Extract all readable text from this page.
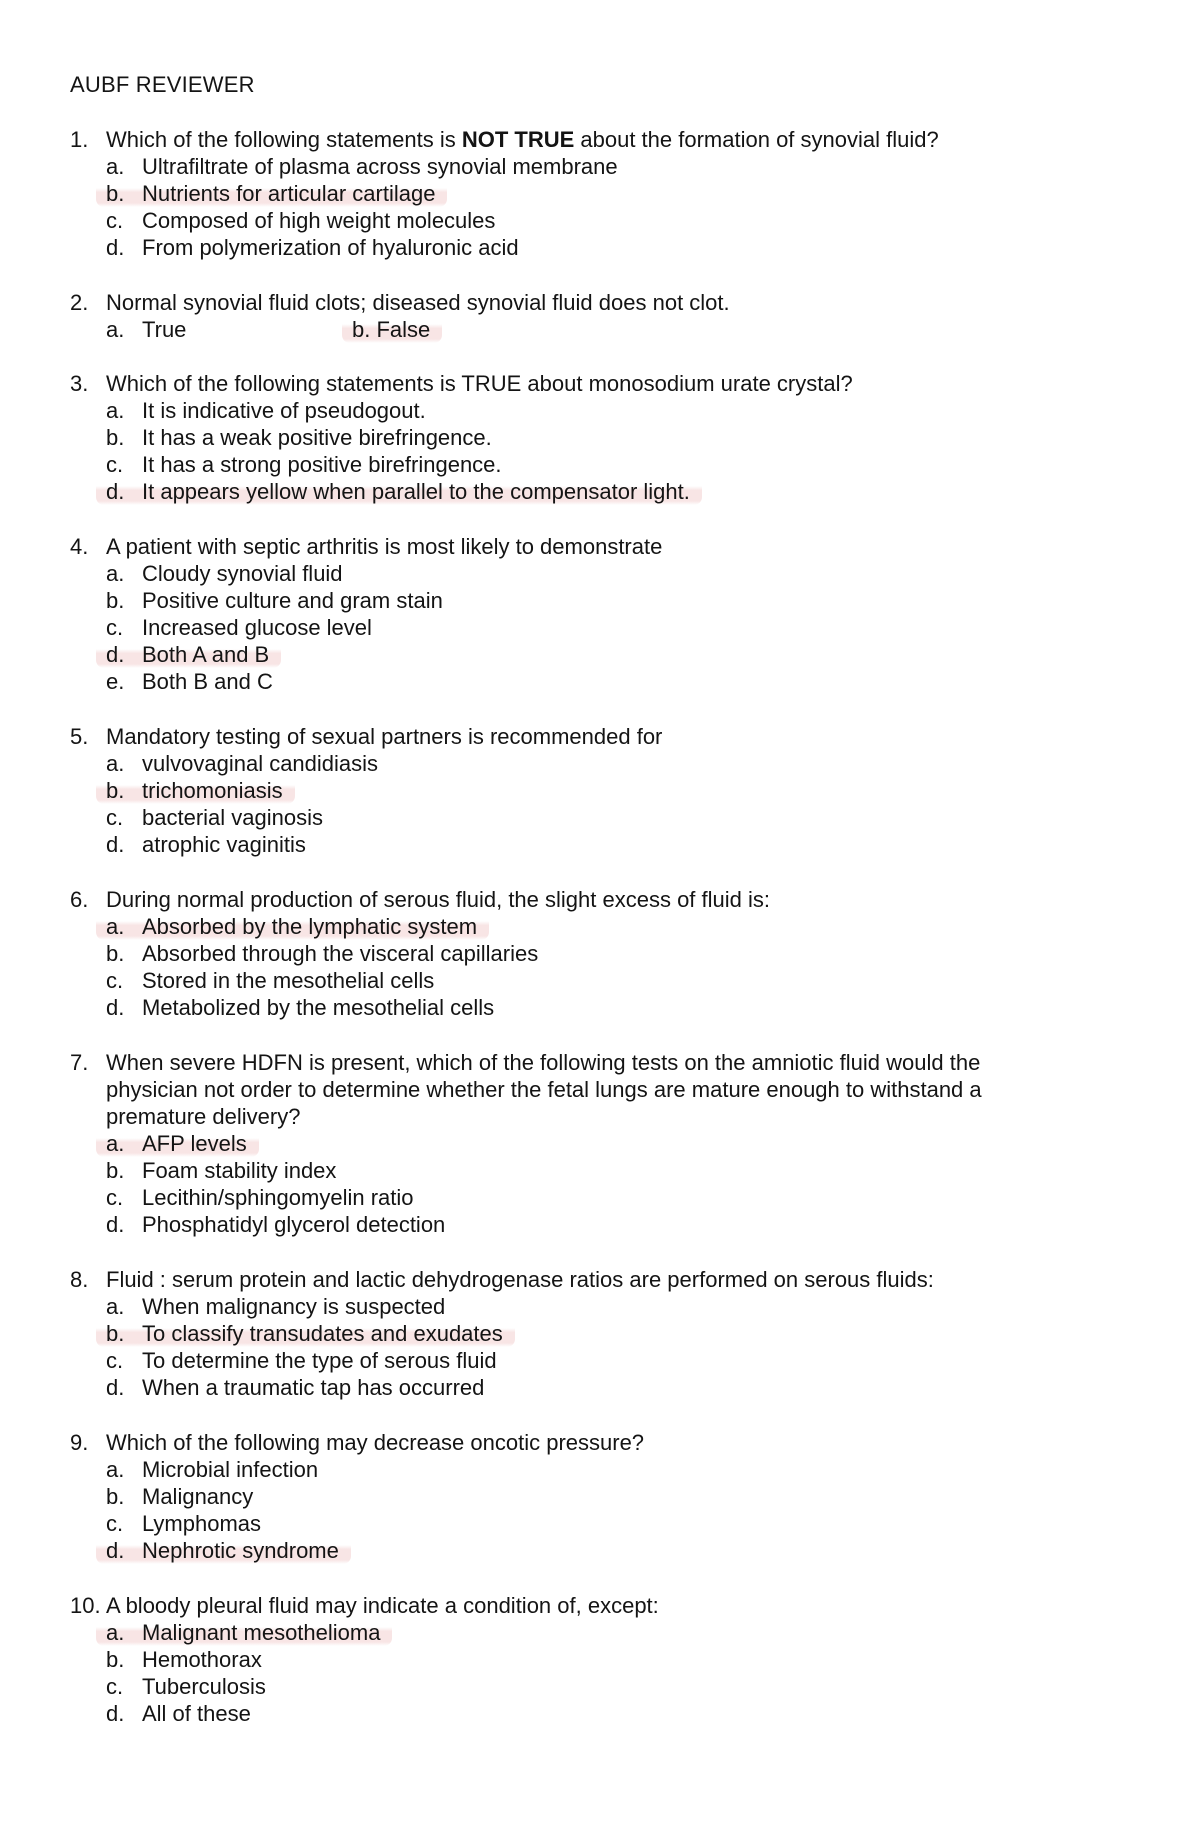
AUBF REVIEWER
1. Which of the following statements is NOT TRUE about the formation of synovial fluid?
a. Ultrafiltrate of plasma across synovial membrane
b. Nutrients for articular cartilage
c. Composed of high weight molecules
d. From polymerization of hyaluronic acid
2. Normal synovial fluid clots; diseased synovial fluid does not clot.
a. True	b. False
3. Which of the following statements is TRUE about monosodium urate crystal?
a. It is indicative of pseudogout.
b. It has a weak positive birefringence.
c. It has a strong positive birefringence.
d. It appears yellow when parallel to the compensator light.
4. A patient with septic arthritis is most likely to demonstrate
a. Cloudy synovial fluid
b. Positive culture and gram stain
c. Increased glucose level
d. Both A and B
e. Both B and C
5. Mandatory testing of sexual partners is recommended for
a. vulvovaginal candidiasis
b. trichomoniasis
c. bacterial vaginosis
d. atrophic vaginitis
6. During normal production of serous fluid, the slight excess of fluid is:
a. Absorbed by the lymphatic system
b. Absorbed through the visceral capillaries
c. Stored in the mesothelial cells
d. Metabolized by the mesothelial cells
7. When severe HDFN is present, which of the following tests on the amniotic fluid would the
physician not order to determine whether the fetal lungs are mature enough to withstand a
premature delivery?
a. AFP levels
b. Foam stability index
c. Lecithin/sphingomyelin ratio
d. Phosphatidyl glycerol detection
8. Fluid : serum protein and lactic dehydrogenase ratios are performed on serous fluids:
a. When malignancy is suspected
b. To classify transudates and exudates
c. To determine the type of serous fluid
d. When a traumatic tap has occurred
9. Which of the following may decrease oncotic pressure?
a. Microbial infection
b. Malignancy
c. Lymphomas
d. Nephrotic syndrome
10. A bloody pleural fluid may indicate a condition of, except:
a. Malignant mesothelioma
b. Hemothorax
c. Tuberculosis
d. All of these
